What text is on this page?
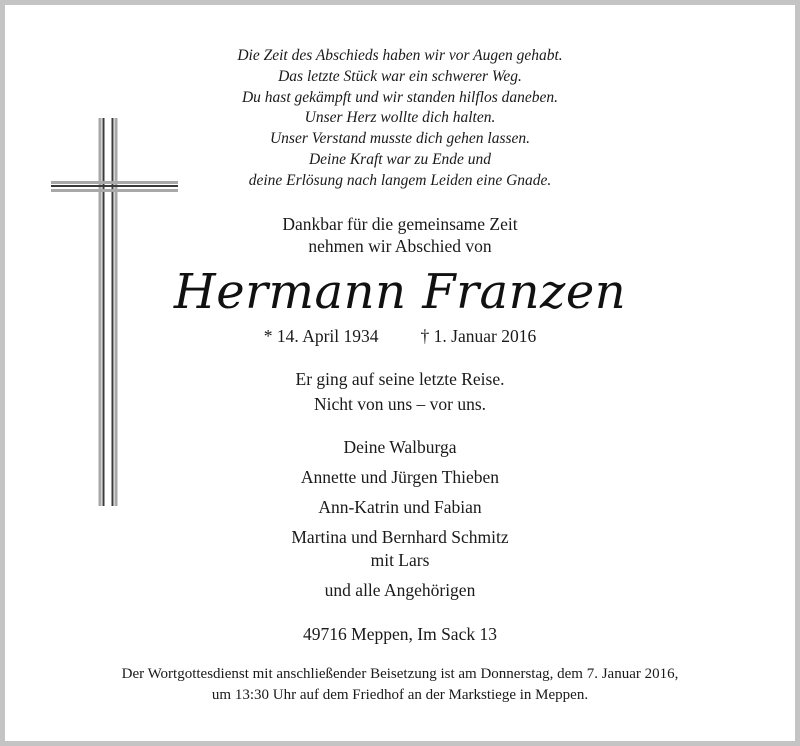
Die Zeit des Abschieds haben wir vor Augen gehabt.
Das letzte Stück war ein schwerer Weg.
Du hast gekämpft und wir standen hilflos daneben.
Unser Herz wollte dich halten.
Unser Verstand musste dich gehen lassen.
Deine Kraft war zu Ende und
deine Erlösung nach langem Leiden eine Gnade.
Dankbar für die gemeinsame Zeit
nehmen wir Abschied von
Hermann Franzen
* 14. April 1934 † 1. Januar 2016
Er ging auf seine letzte Reise.
Nicht von uns – vor uns.
Deine Walburga
Annette und Jürgen Thieben
Ann-Katrin und Fabian
Martina und Bernhard Schmitz
mit Lars
und alle Angehörigen
49716 Meppen, Im Sack 13
Der Wortgottesdienst mit anschließender Beisetzung ist am Donnerstag, dem 7. Januar 2016,
um 13:30 Uhr auf dem Friedhof an der Markstiege in Meppen.
